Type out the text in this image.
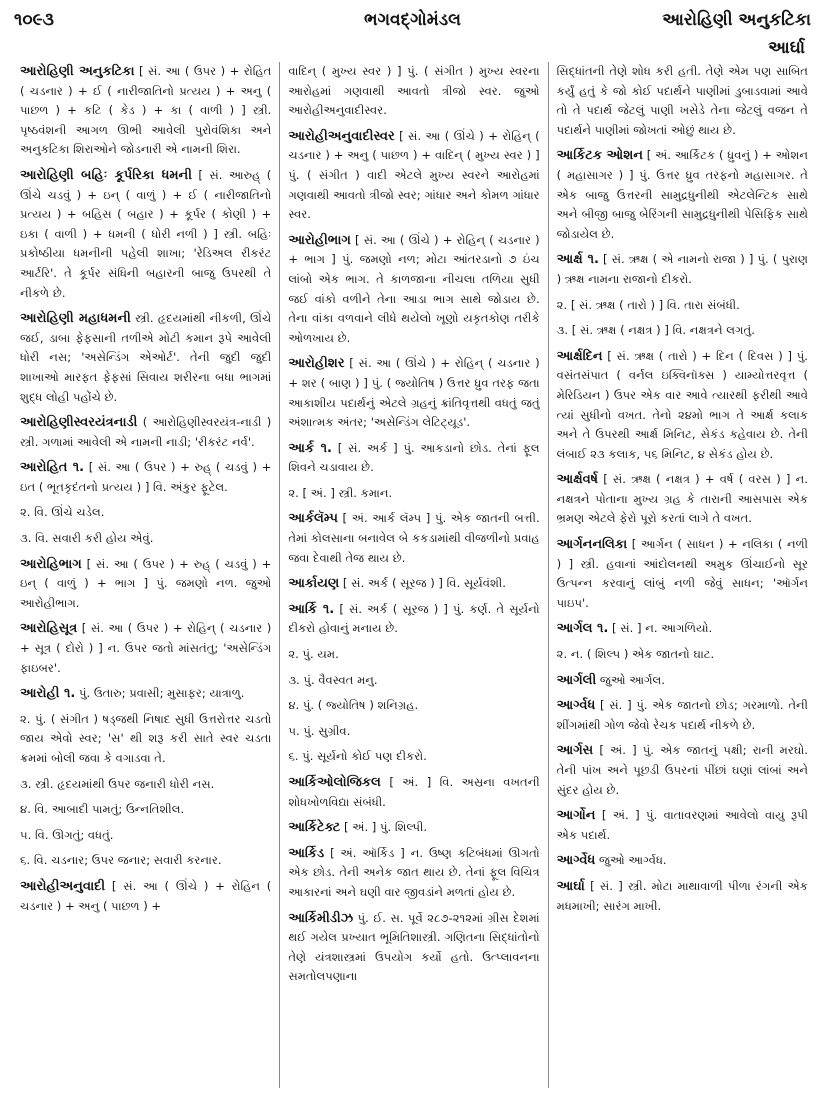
૧૦૯૩	ભગવદ્ગોમંડલ	આરોહિણી અનુકટિકા
આર્ઘા
આરોહિણી અનુકટિકા [ સં. આ ( ઉપર ) + રોહિત ( ચડનાર ) + ઈ ( નારીજાતિનો પ્રત્યય ) + અનુ ( પાછળ ) + કટિ ( કેડ ) + કા ( વાળી ) ] સ્ત્રી. પૃષ્ઠવંશની આગળ ઊભી આવેલી પુરોવંશિકા અને અનુકટિકા શિરાઓને જોડનારી એ નામની શિરા.
આરોહિણી બહિઃ કૂર્પરિકા ધમની [ સં. આરુહ્ ( ઊંચે ચડવું ) + ઇન્ ( વાળું ) + ઈ ( નારીજાતિનો પ્રત્યય ) + બહિસ ( બહાર ) + કૂર્પર ( કોણી ) + ઇકા ( વાળી ) + ધમની ( ધોરી નળી ) ] સ્ત્રી. બહિઃ પ્રકોષ્ઠીયા ધમનીની પહેલી શાખા; 'રેડિઅલ રીકરંટ આર્ટરિ'. તે કૂર્પર સંધિની બહારની બાજુ ઉપરથી તે નીકળે છે.
આરોહિણી મહાધમની સ્ત્રી. હૃદયમાંથી નીકળી, ઊંચે જઈ, ડાબા ફેફસાની તળીએ મોટી કમાન રૂપે આવેલી ધોરી નસ; 'અસેન્ડિંગ એઓર્ટ'. તેની જુદી જુદી શાખાઓ મારફત ફેફસાં સિવાય શરીરના બધા ભાગમાં શુદ્ધ લોહી પહોંચે છે.
આરોહિણીસ્વરયંત્રનાડી ( આરોહિણીસ્વરયંત્ર-નાડી ) સ્ત્રી. ગળામાં આવેલી એ નામની નાડી; 'રીકરંટ નર્વ'.
આરોહિત ૧. [ સં. આ ( ઉપર ) + રુહ્ ( ચડવું ) + ઇત ( ભૂતકૃદંતનો પ્રત્યય ) ] વિ. અંકુર ફૂટેલ.
૨. વિ. ઊંચે ચડેલ.
૩. વિ. સવારી કરી હોય એવું.
આરોહિભાગ [ સં. આ ( ઉપર ) + રુહ્ ( ચડવું ) + ઇન્ ( વાળું ) + ભાગ ] પું. જમણો નળ. જુઓ આરોહીભાગ.
આરોહિસૂત્ર [ સં. આ ( ઉપર ) + રોહિન્ ( ચડનાર ) + સૂત્ર ( દોરો ) ] ન. ઉપર જતો માંસતંતુ; 'અસેન્ડિંગ ફાઇબર'.
આરોહી ૧. પું. ઉતારુ; પ્રવાસી; મુસાફર; યાત્રાળુ.
૨. પું. ( સંગીત ) ષડ્જથી નિષાદ સુધી ઉત્તરોત્તર ચડતો જાય એવો સ્વર; 'સ' થી શરૂ કરી સાતે સ્વર ચડતા ક્રમમાં બોલી જવા કે વગાડવા તે.
૩. સ્ત્રી. હૃદયમાંથી ઉપર જનારી ધોરી નસ.
૪. વિ. આબાદી પામતું; ઉન્નતિશીલ.
૫. વિ. ઊગતું; વધતું.
૬. વિ. ચડનાર; ઉપર જનાર; સવારી કરનાર.
આરોહીઅનુવાદી [ સં. આ ( ઊંચે ) + રોહિન ( ચડનાર ) + અનુ ( પાછળ ) +
વાદિન્ ( મુખ્ય સ્વર ) ] પું. ( સંગીત ) મુખ્ય સ્વરના આરોહમાં ગણવાથી આવતો ત્રીજો સ્વર. જુઓ આરોહીઅનુવાદીસ્વર.
આરોહીઅનુવાદીસ્વર [ સં. આ ( ઊંચે ) + રોહિન્ ( ચડનાર ) + અનુ ( પાછળ ) + વાદિન્ ( મુખ્ય સ્વર ) ] પું. ( સંગીત ) વાદી એટલે મુખ્ય સ્વરને આરોહમાં ગણવાથી આવતો ત્રીજો સ્વર; ગાંધાર અને કોમળ ગાંધાર સ્વર.
આરોહીભાગ [ સં. આ ( ઊંચે ) + રોહિન્ ( ચડનાર ) + ભાગ ] પું. જમણો નળ; મોટા આંતરડાનો ૭ ઇંચ લાંબો એક ભાગ. તે કાળજાના નીચલા તળિયા સુધી જઈ વાંકો વળીને તેના આડા ભાગ સાથે જોડાય છે. તેના વાંકા વળવાને લીધે થયેલો ખૂણો યકૃતકોણ તરીકે ઓળખાય છે.
આરોહીશર [ સં. આ ( ઊંચે ) + રોહિન્ ( ચડનાર ) + શર ( બાણ ) ] પું. ( જ્યોતિષ ) ઉત્તર ધ્રુવ તરફ જતા આકાશીય પદાર્થનું એટલે ગ્રહનું ક્રાંતિવૃત્તથી વધતું જતું અંશાત્મક અંતર; 'અસેન્ડિંગ લેટિટ્યૂડ'.
આર્ક ૧. [ સં. અર્ક ] પું. આકડાનો છોડ. તેનાં ફૂલ શિવને ચડાવાય છે.
૨. [ અં. ] સ્ત્રી. કમાન.
આર્કલૅમ્પ [ અં. આર્ક લૅમ્પ ] પું. એક જાતની બત્તી. તેમાં કોલસાના બનાવેલ બે કકડામાંથી વીજળીનો પ્રવાહ જવા દેવાથી તેજ થાય છે.
આર્કાયણ [ સં. અર્ક ( સૂરજ ) ] વિ. સૂર્યવંશી.
આર્કિ ૧. [ સં. અર્ક ( સૂરજ ) ] પું. કર્ણ. તે સૂર્યનો દીકરો હોવાનું મનાય છે.
૨. પું. યમ.
૩. પું. વૈવસ્વત મનુ.
૪. પું. ( જ્યોતિષ ) શનિગ્રહ.
૫. પું. સુગ્રીવ.
૬. પું. સૂર્યનો કોઈ પણ દીકરો.
આર્કિઓલોજિકલ [ અં. ] વિ. અસ્રના વખતની શોધખોળવિદ્યા સંબંધી.
આર્કિટેક્ટ [ અં. ] પું. શિલ્પી.
આર્કિડ [ અં. ઑર્કિડ ] ન. ઉષ્ણ કટિબંધમાં ઊગતો એક છોડ. તેની અનેક જાત થાય છે. તેનાં ફૂલ વિચિત્ર આકારનાં અને ઘણી વાર જીવડાંને મળતાં હોય છે.
આર્કિમીડીઝ પું. ઈ. સ. પૂર્વે ૨૮૭-૨૧૨માં ગ્રીસ દેશમાં થઈ ગયેલ પ્રખ્યાત ભૂમિતિશાસ્ત્રી. ગણિતના સિદ્ધાંતોનો તેણે યંત્રશાસ્ત્રમાં ઉપયોગ કર્યો હતો. ઉત્પ્લાવનના સમતોલપણાના
સિદ્ધાંતની તેણે શોધ કરી હતી. તેણે એમ પણ સાબિત કર્યું હતું કે જો કોઈ પદાર્થને પાણીમાં ડુબાડવામાં આવે તો તે પદાર્થ જેટલું પાણી ખસેડે તેના જેટલું વજન તે પદાર્થને પાણીમાં જોખતાં ઓછું થાય છે.
આર્કિટક ઓશન [ અં. આર્કિટક ( ધ્રુવનું ) + ઓશન ( મહાસાગર ) ] પું. ઉત્તર ધ્રુવ તરફનો મહાસાગર. તે એક બાજુ ઉત્તરની સામુદ્રધુનીથી એટલેન્ટિક સાથે અને બીજી બાજુ બેરિંગની સામુદ્રધુનીથી પેસિફિક સાથે જોડાયેલ છે.
આર્ક્ષ ૧. [ સં. ઋક્ષ ( એ નામનો રાજા ) ] પું. ( પુરાણ ) ઋક્ષ નામના રાજાનો દીકરો.
૨. [ સં. ઋક્ષ ( તારો ) ] વિ. તારા સંબંધી.
૩. [ સં. ઋક્ષ ( નક્ષત્ર ) ] વિ. નક્ષત્રને લગતું.
આર્ક્ષદિન [ સં. ઋક્ષ ( તારો ) + દિન ( દિવસ ) ] પું. વસંતસંપાત ( વર્નલ ઇક્વિનૉક્સ ) યામ્યોત્તરવૃત્ત ( મેરિડિયન ) ઉપર એક વાર આવે ત્યારથી ફરીથી આવે ત્યાં સુધીનો વખત. તેનો ૨૪મો ભાગ તે આર્ક્ષ કલાક અને તે ઉપરથી આર્ક્ષ મિનિટ, સેકંડ કહેવાય છે. તેની લંબાઈ ૨૩ કલાક, ૫૬ મિનિટ, ૪ સેકંડ હોય છે.
આર્ક્ષવર્ષ [ સં. ઋક્ષ ( નક્ષત્ર ) + વર્ષ ( વરસ ) ] ન. નક્ષત્રને પોતાના મુખ્ય ગ્રહ કે તારાની આસપાસ એક ભ્રમણ એટલે ફેરો પૂરો કરતાં લાગે તે વખત.
આર્ગનનલિકા [ આર્ગન ( સાધન ) + નલિકા ( નળી ) ] સ્ત્રી. હવાનાં આંદોલનથી અમુક ઊંચાઈનો સૂર ઉત્પન્ન કરવાનું લાંબું નળી જેવું સાધન; 'ઑર્ગન પાઇપ'.
આર્ગલ ૧. [ સં. ] ન. આગળિયો.
૨. ન. ( શિલ્પ ) એક જાતનો ઘાટ.
આર્ગલી જુઓ આર્ગલ.
આર્ગ્વધ [ સં. ] પું. એક જાતનો છોડ; ગરમાળો. તેની શીંગમાંથી ગોળ જેવો રેચક પદાર્થ નીકળે છે.
આર્ગસ [ અં. ] પું. એક જાતનું પક્ષી; રાની મરઘો. તેની પાંખ અને પૂછડી ઉપરનાં પીંછાં ઘણાં લાંબાં અને સુંદર હોય છે.
આર્ગોન [ અં. ] પું. વાતાવરણમાં આવેલો વાયુ રૂપી એક પદાર્થ.
આર્ગ્વેધ જુઓ આર્ગ્વધ.
આર્ઘા [ સં. ] સ્ત્રી. મોટા માથાવાળી પીળા રંગની એક મધમાખી; સારંગ માખી.
